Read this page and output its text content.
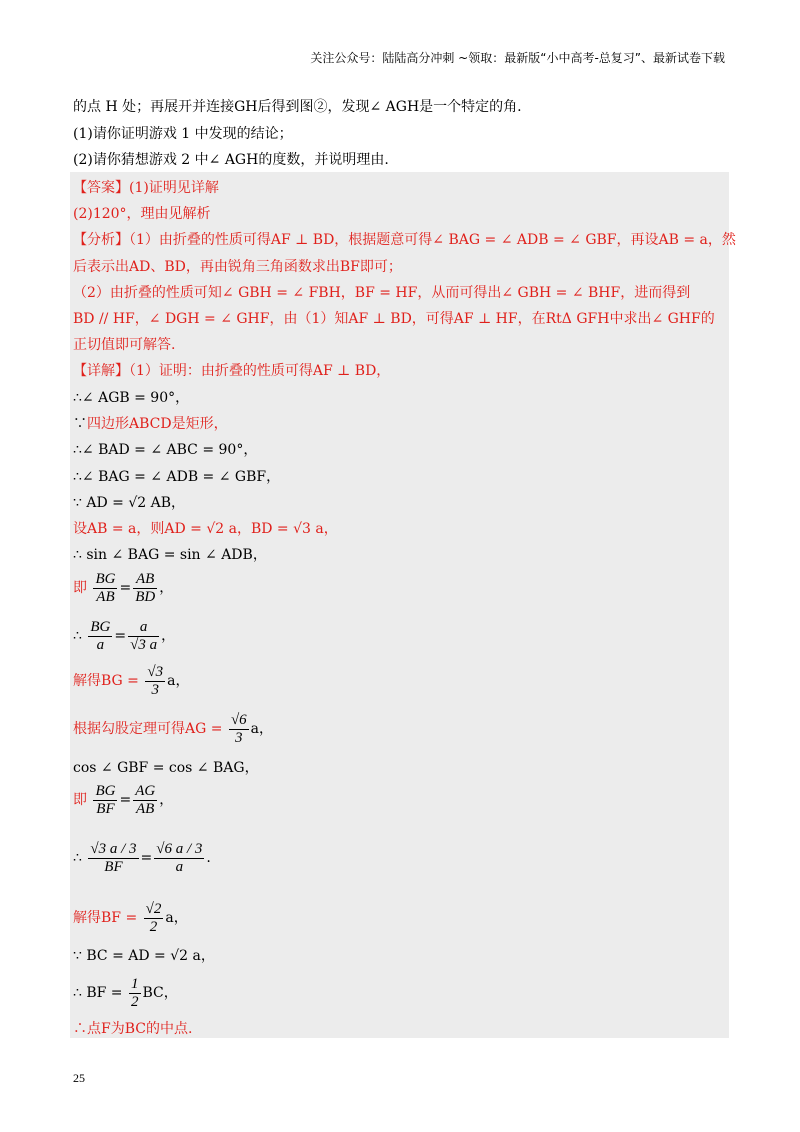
关注公众号：陆陆高分冲刺 ~领取：最新版“小中高考-总复习”、最新试卷下载
的点 H 处；再展开并连接GH后得到图②，发现∠ AGH是一个特定的角.
(1)请你证明游戏 1 中发现的结论；
(2)请你猜想游戏 2 中∠ AGH的度数，并说明理由.
【答案】(1)证明见详解
(2)120°，理由见解析
【分析】（1）由折叠的性质可得AF ⊥ BD，根据题意可得∠ BAG = ∠ ADB = ∠ GBF，再设AB = a，然
后表示出AD、BD，再由锐角三角函数求出BF即可；
（2）由折叠的性质可知∠ GBH = ∠ FBH，BF = HF，从而可得出∠ GBH = ∠ BHF，进而得到
BD // HF，∠ DGH = ∠ GHF，由（1）知AF ⊥ BD，可得AF ⊥ HF，在RtΔ GFH中求出∠ GHF的
正切值即可解答.
【详解】（1）证明：由折叠的性质可得AF ⊥ BD，
∴∠ AGB = 90°，
∵四边形ABCD是矩形，
∴∠ BAD = ∠ ABC = 90°，
∴∠ BAG = ∠ ADB = ∠ GBF，
∵ AD = √2 AB，
设AB = a，则AD = √2 a，BD = √3 a，
∴ sin ∠ BAG = sin ∠ ADB，
即 $\frac{BG}{AB} = \frac{AB}{BD}$ ，
∴ $\frac{BG}{a} = \frac{a}{√3 a}$ ，
解得BG = $\frac{√3}{3}$ a，
根据勾股定理可得AG = $\frac{√6}{3}$ a，
cos ∠ GBF = cos ∠ BAG，
即 $\frac{BG}{BF} = \frac{AG}{AB}$ ，
∴ $\frac{√3 a / 3}{BF} = \frac{√6 a / 3}{a}$ .
解得BF = $\frac{√2}{2}$ a，
∵ BC = AD = √2 a，
∴ BF = $\frac{1}{2}$ BC，
∴点F为BC的中点.
25
